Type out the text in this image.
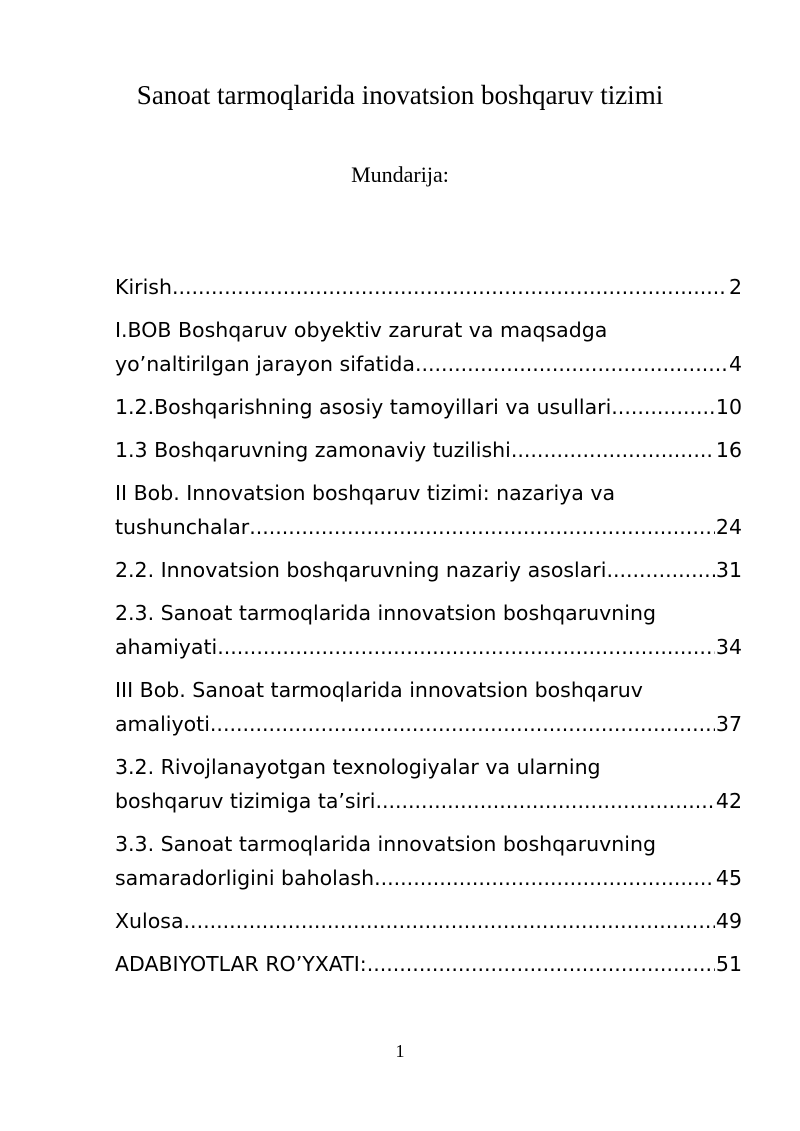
Sanoat tarmoqlarida inovatsion boshqaruv tizimi
Mundarija:
Kirish .....	2
I.BOB Boshqaruv obyektiv zarurat va maqsadga
yo’naltirilgan jarayon sifatida .....	4
1.2.Boshqarishning asosiy tamoyillari va usullari .....	10
1.3 Boshqaruvning zamonaviy tuzilishi .....	16
II Bob. Innovatsion boshqaruv tizimi: nazariya va
tushunchalar .....	24
2.2. Innovatsion boshqaruvning nazariy asoslari .....	31
2.3. Sanoat tarmoqlarida innovatsion boshqaruvning
ahamiyati .....	34
III Bob. Sanoat tarmoqlarida innovatsion boshqaruv
amaliyoti .....	37
3.2. Rivojlanayotgan texnologiyalar va ularning
boshqaruv tizimiga ta’siri .....	42
3.3. Sanoat tarmoqlarida innovatsion boshqaruvning
samaradorligini baholash .....	45
Xulosa .....	49
ADABIYOTLAR RO’YXATI: .....	51
1
